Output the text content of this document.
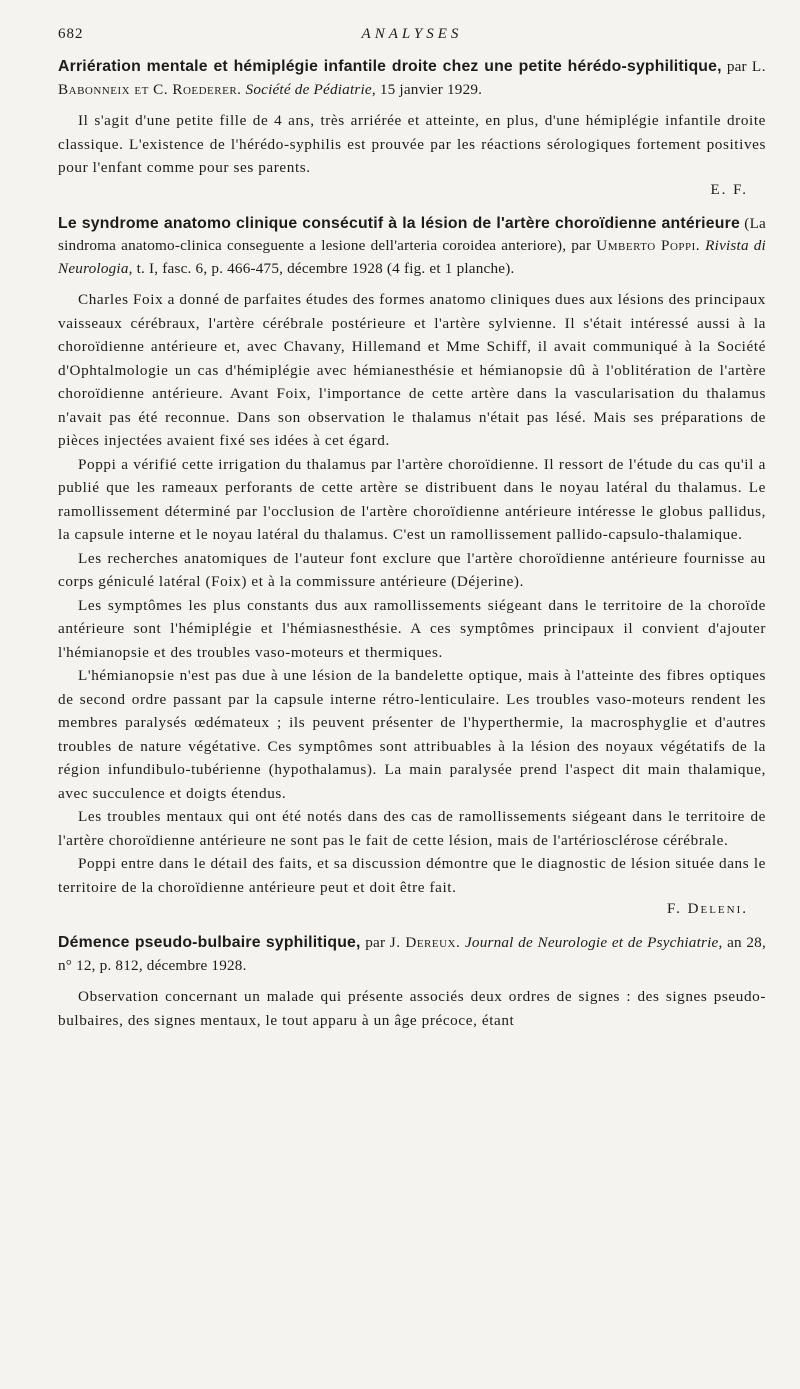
682	ANALYSES

Arriération mentale et hémiplégie infantile droite chez une petite hérédo-syphilitique, par L. Babonneix et C. Roederer. Société de Pédiatrie, 15 janvier 1929.

Il s'agit d'une petite fille de 4 ans, très arriérée et atteinte, en plus, d'une hémiplégie infantile droite classique. L'existence de l'hérédo-syphilis est prouvée par les réactions sérologiques fortement positives pour l'enfant comme pour ses parents.

E. F.

Le syndrome anatomo clinique consécutif à la lésion de l'artère choroïdienne antérieure (La sindroma anatomo-clinica conseguente a lesione dell'arteria coroidea anteriore), par Umberto Poppi. Rivista di Neurologia, t. I, fasc. 6, p. 466-475, décembre 1928 (4 fig. et 1 planche).

Charles Foix a donné de parfaites études des formes anatomo cliniques dues aux lésions des principaux vaisseaux cérébraux, l'artère cérébrale postérieure et l'artère sylvienne. Il s'était intéressé aussi à la choroïdienne antérieure et, avec Chavany, Hillemand et Mme Schiff, il avait communiqué à la Société d'Ophtalmologie un cas d'hémiplégie avec hémianesthésie et hémianopsie dû à l'oblitération de l'artère choroïdienne antérieure. Avant Foix, l'importance de cette artère dans la vascularisation du thalamus n'avait pas été reconnue. Dans son observation le thalamus n'était pas lésé. Mais ses préparations de pièces injectées avaient fixé ses idées à cet égard.

Poppi a vérifié cette irrigation du thalamus par l'artère choroïdienne. Il ressort de l'étude du cas qu'il a publié que les rameaux perforants de cette artère se distribuent dans le noyau latéral du thalamus. Le ramollissement déterminé par l'occlusion de l'artère choroïdienne antérieure intéresse le globus pallidus, la capsule interne et le noyau latéral du thalamus. C'est un ramollissement pallido-capsulo-thalamique.

Les recherches anatomiques de l'auteur font exclure que l'artère choroïdienne antérieure fournisse au corps géniculé latéral (Foix) et à la commissure antérieure (Déjerine).

Les symptômes les plus constants dus aux ramollissements siégeant dans le territoire de la choroïde antérieure sont l'hémiplégie et l'hémiasnesthésie. A ces symptômes principaux il convient d'ajouter l'hémianopsie et des troubles vaso-moteurs et thermiques.

L'hémianopsie n'est pas due à une lésion de la bandelette optique, mais à l'atteinte des fibres optiques de second ordre passant par la capsule interne rétro-lenticulaire. Les troubles vaso-moteurs rendent les membres paralysés œdémateux ; ils peuvent présenter de l'hyperthermie, la macrosphyglie et d'autres troubles de nature végétative. Ces symptômes sont attribuables à la lésion des noyaux végétatifs de la région infundibulo-tubérienne (hypothalamus). La main paralysée prend l'aspect dit main thalamique, avec succulence et doigts étendus.

Les troubles mentaux qui ont été notés dans des cas de ramollissements siégeant dans le territoire de l'artère choroïdienne antérieure ne sont pas le fait de cette lésion, mais de l'artériosclérose cérébrale.

Poppi entre dans le détail des faits, et sa discussion démontre que le diagnostic de lésion située dans le territoire de la choroïdienne antérieure peut et doit être fait.

F. Deleni.

Démence pseudo-bulbaire syphilitique, par J. Dereux. Journal de Neurologie et de Psychiatrie, an 28, n° 12, p. 812, décembre 1928.

Observation concernant un malade qui présente associés deux ordres de signes : des signes pseudo-bulbaires, des signes mentaux, le tout apparu à un âge précoce, étant
